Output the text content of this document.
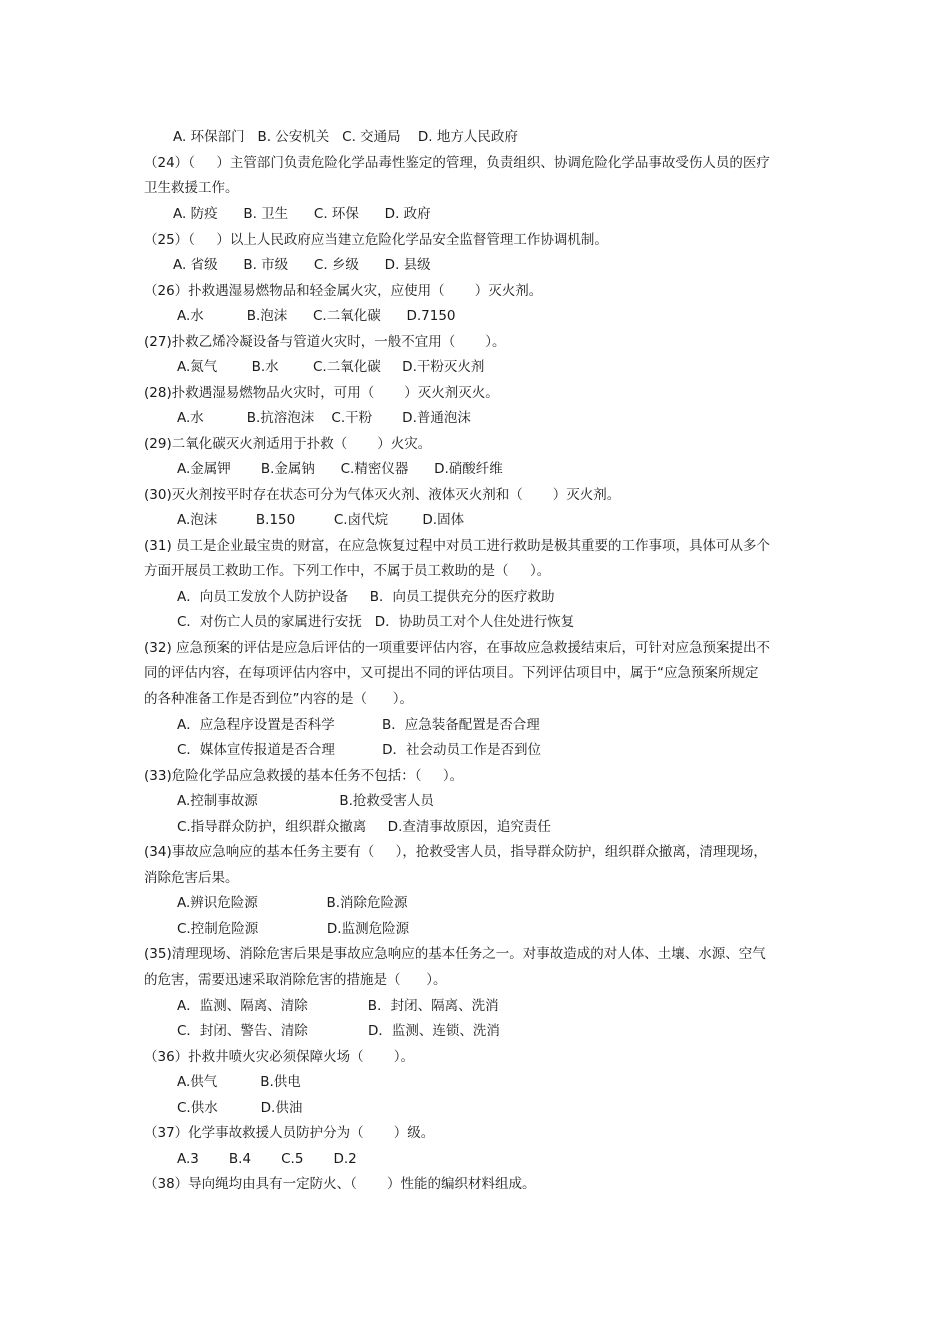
A. 环保部门   B. 公安机关   C. 交通局    D. 地方人民政府
（24）（     ）主管部门负责危险化学品毒性鉴定的管理，负责组织、协调危险化学品事故受伤人员的医疗
卫生救援工作。
A. 防疫      B. 卫生      C. 环保      D. 政府
（25）（     ）以上人民政府应当建立危险化学品安全监督管理工作协调机制。
A. 省级      B. 市级      C. 乡级      D. 县级
（26）扑救遇湿易燃物品和轻金属火灾，应使用（       ）灭火剂。
A.水          B.泡沫      C.二氧化碳      D.7150
(27)扑救乙烯冷凝设备与管道火灾时，一般不宜用（       ）。
A.氮气        B.水        C.二氧化碳     D.干粉灭火剂
(28)扑救遇湿易燃物品火灾时，可用（       ）灭火剂灭火。
A.水          B.抗溶泡沫    C.干粉       D.普通泡沫
(29)二氧化碳灭火剂适用于扑救（       ）火灾。
A.金属钾       B.金属钠      C.精密仪器      D.硝酸纤维
(30)灭火剂按平时存在状态可分为气体灭火剂、液体灭火剂和（       ）灭火剂。
A.泡沫         B.150         C.卤代烷        D.固体
(31) 员工是企业最宝贵的财富，在应急恢复过程中对员工进行救助是极其重要的工作事项，具体可从多个
方面开展员工救助工作。下列工作中，不属于员工救助的是（     ）。
A．向员工发放个人防护设备     B．向员工提供充分的医疗救助
C．对伤亡人员的家属进行安抚   D．协助员工对个人住处进行恢复
(32) 应急预案的评估是应急后评估的一项重要评估内容，在事故应急救援结束后，可针对应急预案提出不
同的评估内容，在每项评估内容中，又可提出不同的评估项目。下列评估项目中，属于“应急预案所规定
的各种准备工作是否到位”内容的是（      ）。
A．应急程序设置是否科学           B．应急装备配置是否合理
C．媒体宣传报道是否合理           D．社会动员工作是否到位
(33)危险化学品应急救援的基本任务不包括：（     ）。
A.控制事故源                   B.抢救受害人员
C.指导群众防护，组织群众撤离     D.查清事故原因，追究责任
(34)事故应急响应的基本任务主要有（     ），抢救受害人员，指导群众防护，组织群众撤离，清理现场，
消除危害后果。
A.辨识危险源                B.消除危险源
C.控制危险源                D.监测危险源
(35)清理现场、消除危害后果是事故应急响应的基本任务之一。对事故造成的对人体、土壤、水源、空气
的危害，需要迅速采取消除危害的措施是（      ）。
A．监测、隔离、清除              B．封闭、隔离、洗消
C．封闭、警告、清除              D．监测、连锁、洗消
（36）扑救井喷火灾必须保障火场（       ）。
A.供气          B.供电
C.供水          D.供油
（37）化学事故救援人员防护分为（       ）级。
A.3       B.4       C.5       D.2
（38）导向绳均由具有一定防火、（       ）性能的编织材料组成。
